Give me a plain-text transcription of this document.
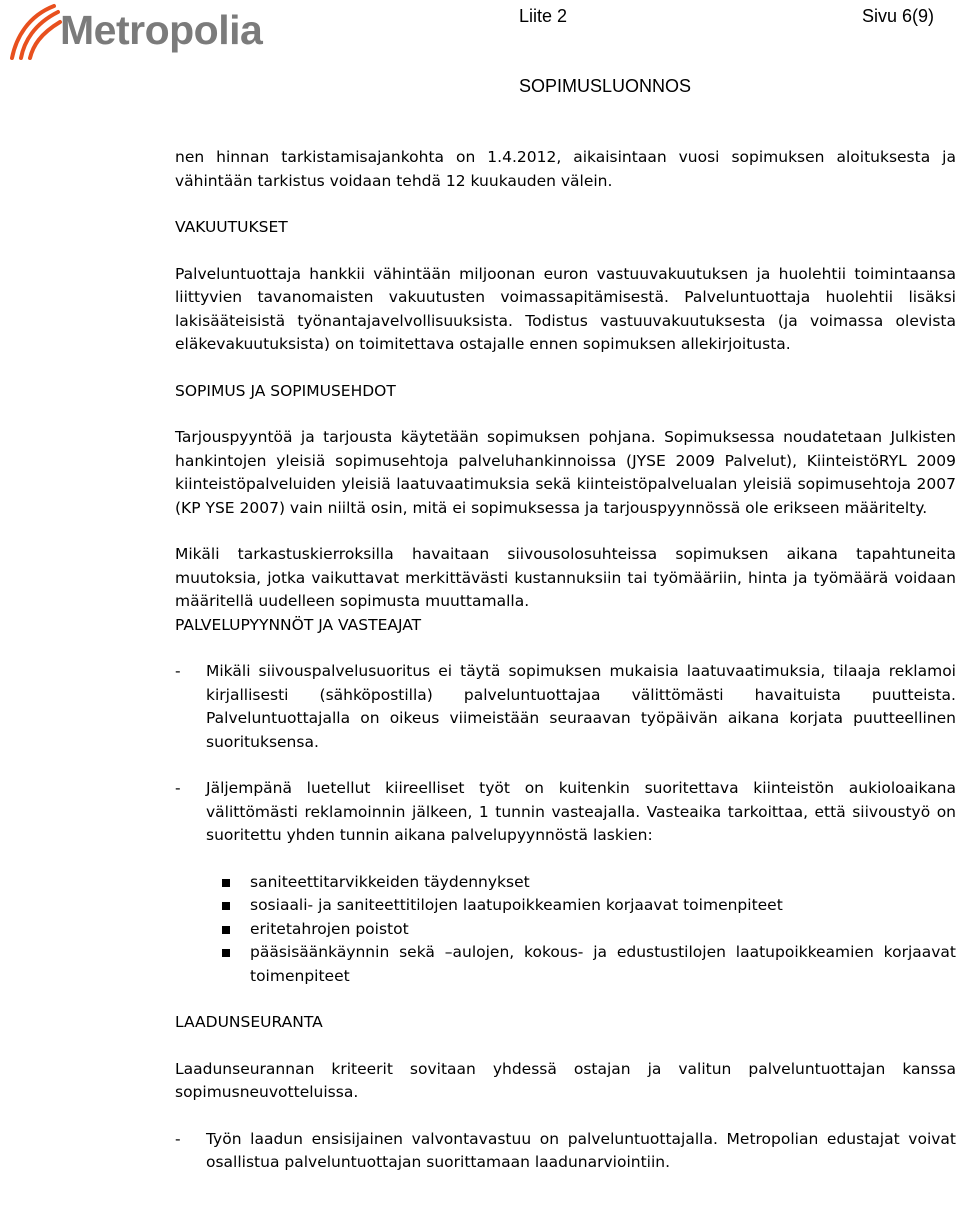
Metropolia	Liite 2	Sivu 6(9)
SOPIMUSLUONNOS

nen hinnan tarkistamisajankohta on 1.4.2012, aikaisintaan vuosi sopimuksen aloituksesta ja vähintään tarkistus voidaan tehdä 12 kuukauden välein.

VAKUUTUKSET

Palveluntuottaja hankkii vähintään miljoonan euron vastuuvakuutuksen ja huolehtii toimintaansa liittyvien tavanomaisten vakuutusten voimassapitämisestä. Palveluntuottaja huolehtii lisäksi lakisääteisistä työnantajavelvollisuuksista. Todistus vastuuvakuutuksesta (ja voimassa olevista eläkevakuutuksista) on toimitettava ostajalle ennen sopimuksen allekirjoitusta.

SOPIMUS JA SOPIMUSEHDOT

Tarjouspyyntöä ja tarjousta käytetään sopimuksen pohjana. Sopimuksessa noudatetaan Julkisten hankintojen yleisiä sopimusehtoja palveluhankinnoissa (JYSE 2009 Palvelut), KiinteistöRYL 2009 kiinteistöpalveluiden yleisiä laatuvaatimuksia sekä kiinteistöpalvelualan yleisiä sopimusehtoja 2007 (KP YSE 2007) vain niiltä osin, mitä ei sopimuksessa ja tarjouspyynnössä ole erikseen määritelty.

Mikäli tarkastuskierroksilla havaitaan siivousolosuhteissa sopimuksen aikana tapahtuneita muutoksia, jotka vaikuttavat merkittävästi kustannuksiin tai työmääriin, hinta ja työmäärä voidaan määritellä uudelleen sopimusta muuttamalla.

PALVELUPYYNNÖT JA VASTEAJAT

-	Mikäli siivouspalvelusuoritus ei täytä sopimuksen mukaisia laatuvaatimuksia, tilaaja reklamoi kirjallisesti (sähköpostilla) palveluntuottajaa välittömästi havaituista puutteista. Palveluntuottajalla on oikeus viimeistään seuraavan työpäivän aikana korjata puutteellinen suorituksensa.

-	Jäljempänä luetellut kiireelliset työt on kuitenkin suoritettava kiinteistön aukioloaikana välittömästi reklamoinnin jälkeen, 1 tunnin vasteajalla. Vasteaika tarkoittaa, että siivoustyö on suoritettu yhden tunnin aikana palvelupyynnöstä laskien:

saniteettitarvikkeiden täydennykset

sosiaali- ja saniteettitilojen laatupoikkeamien korjaavat toimenpiteet

eritetahrojen poistot

pääsisäänkäynnin sekä –aulojen, kokous- ja edustustilojen laatupoikkeamien korjaavat toimenpiteet

LAADUNSEURANTA

Laadunseurannan kriteerit sovitaan yhdessä ostajan ja valitun palveluntuottajan kanssa sopimusneuvotteluissa.

-	Työn laadun ensisijainen valvontavastuu on palveluntuottajalla. Metropolian edustajat voivat osallistua palveluntuottajan suorittamaan laadunarviointiin.
